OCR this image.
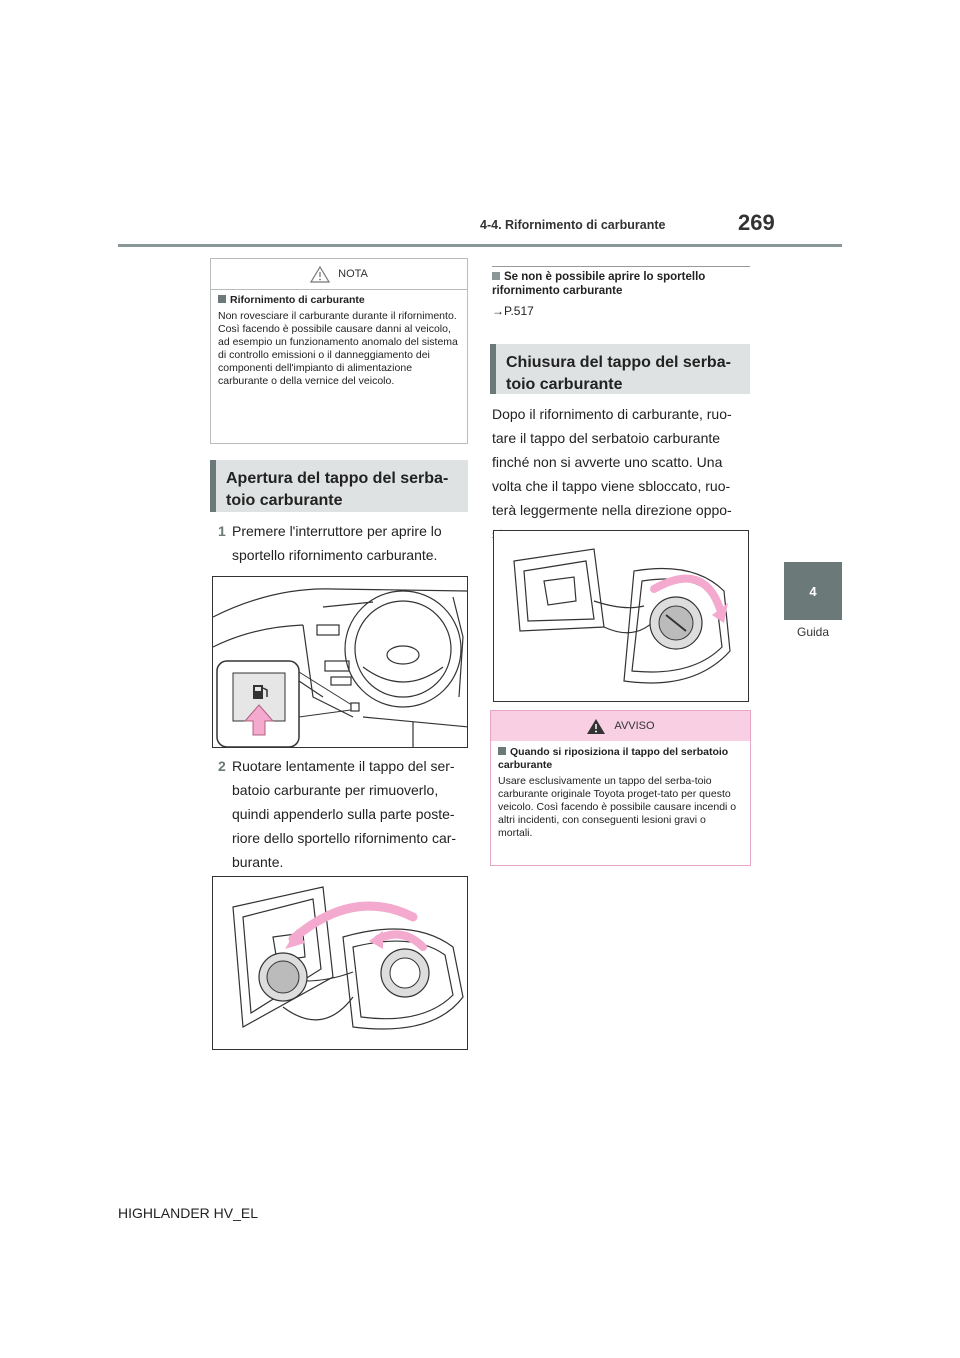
4-4. Rifornimento di carburante	269
4
Guida
NOTA
Rifornimento di carburante
Non rovesciare il carburante durante il rifornimento. Così facendo è possibile causare danni al veicolo, ad esempio un funzionamento anomalo del sistema di controllo emissioni o il danneggiamento dei componenti dell'impianto di alimentazione carburante o della vernice del veicolo.
Apertura del tappo del serba-toio carburante
1 Premere l'interruttore per aprire lo sportello rifornimento carburante.
2 Ruotare lentamente il tappo del ser-batoio carburante per rimuoverlo, quindi appenderlo sulla parte poste-riore dello sportello rifornimento car-burante.
Se non è possibile aprire lo sportello rifornimento carburante
→P.517
Chiusura del tappo del serba-toio carburante
Dopo il rifornimento di carburante, ruo-tare il tappo del serbatoio carburante finché non si avverte uno scatto. Una volta che il tappo viene sbloccato, ruo-terà leggermente nella direzione oppo-
AVVISO
Quando si riposiziona il tappo del serbatoio carburante
Usare esclusivamente un tappo del serba-toio carburante originale Toyota proget-tato per questo veicolo. Così facendo è possibile causare incendi o altri incidenti, con conseguenti lesioni gravi o mortali.
HIGHLANDER HV_EL
